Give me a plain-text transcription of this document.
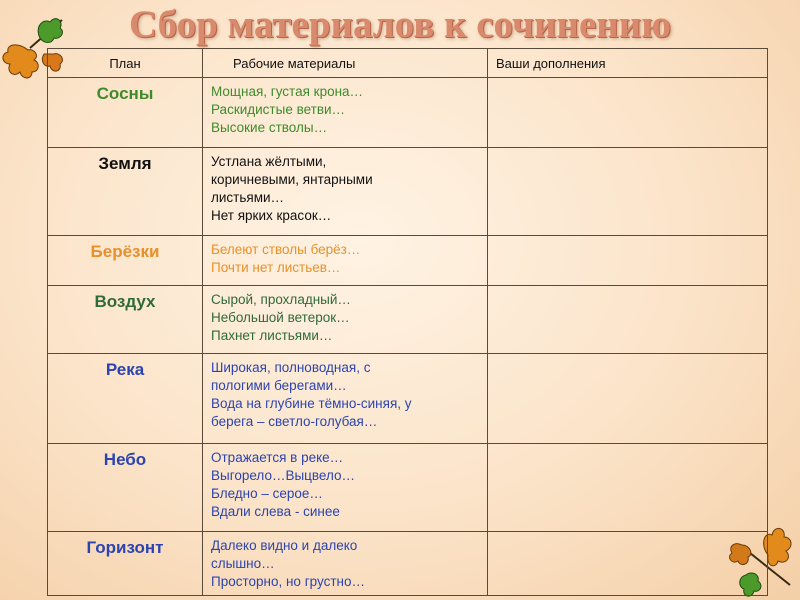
Сбор материалов к сочинению
План	Рабочие материалы	Ваши дополнения
Сосны	Мощная, густая крона…
Раскидистые ветви…
Высокие стволы…	

Земля	Устлана жёлтыми,
коричневыми, янтарными
листьями…
Нет ярких красок…	

Берёзки	Белеют стволы берёз…
Почти нет листьев…	

Воздух	Сырой, прохладный…
Небольшой ветерок…
Пахнет листьями…	

Река	Широкая, полноводная, с
пологими берегами…
Вода на глубине тёмно-синяя, у
берега – светло-голубая…	

Небо	Отражается в реке…
Выгорело…Выцвело…
Бледно – серое…
Вдали слева - синее	

Горизонт	Далеко видно и далеко
слышно…
Просторно, но грустно…	
